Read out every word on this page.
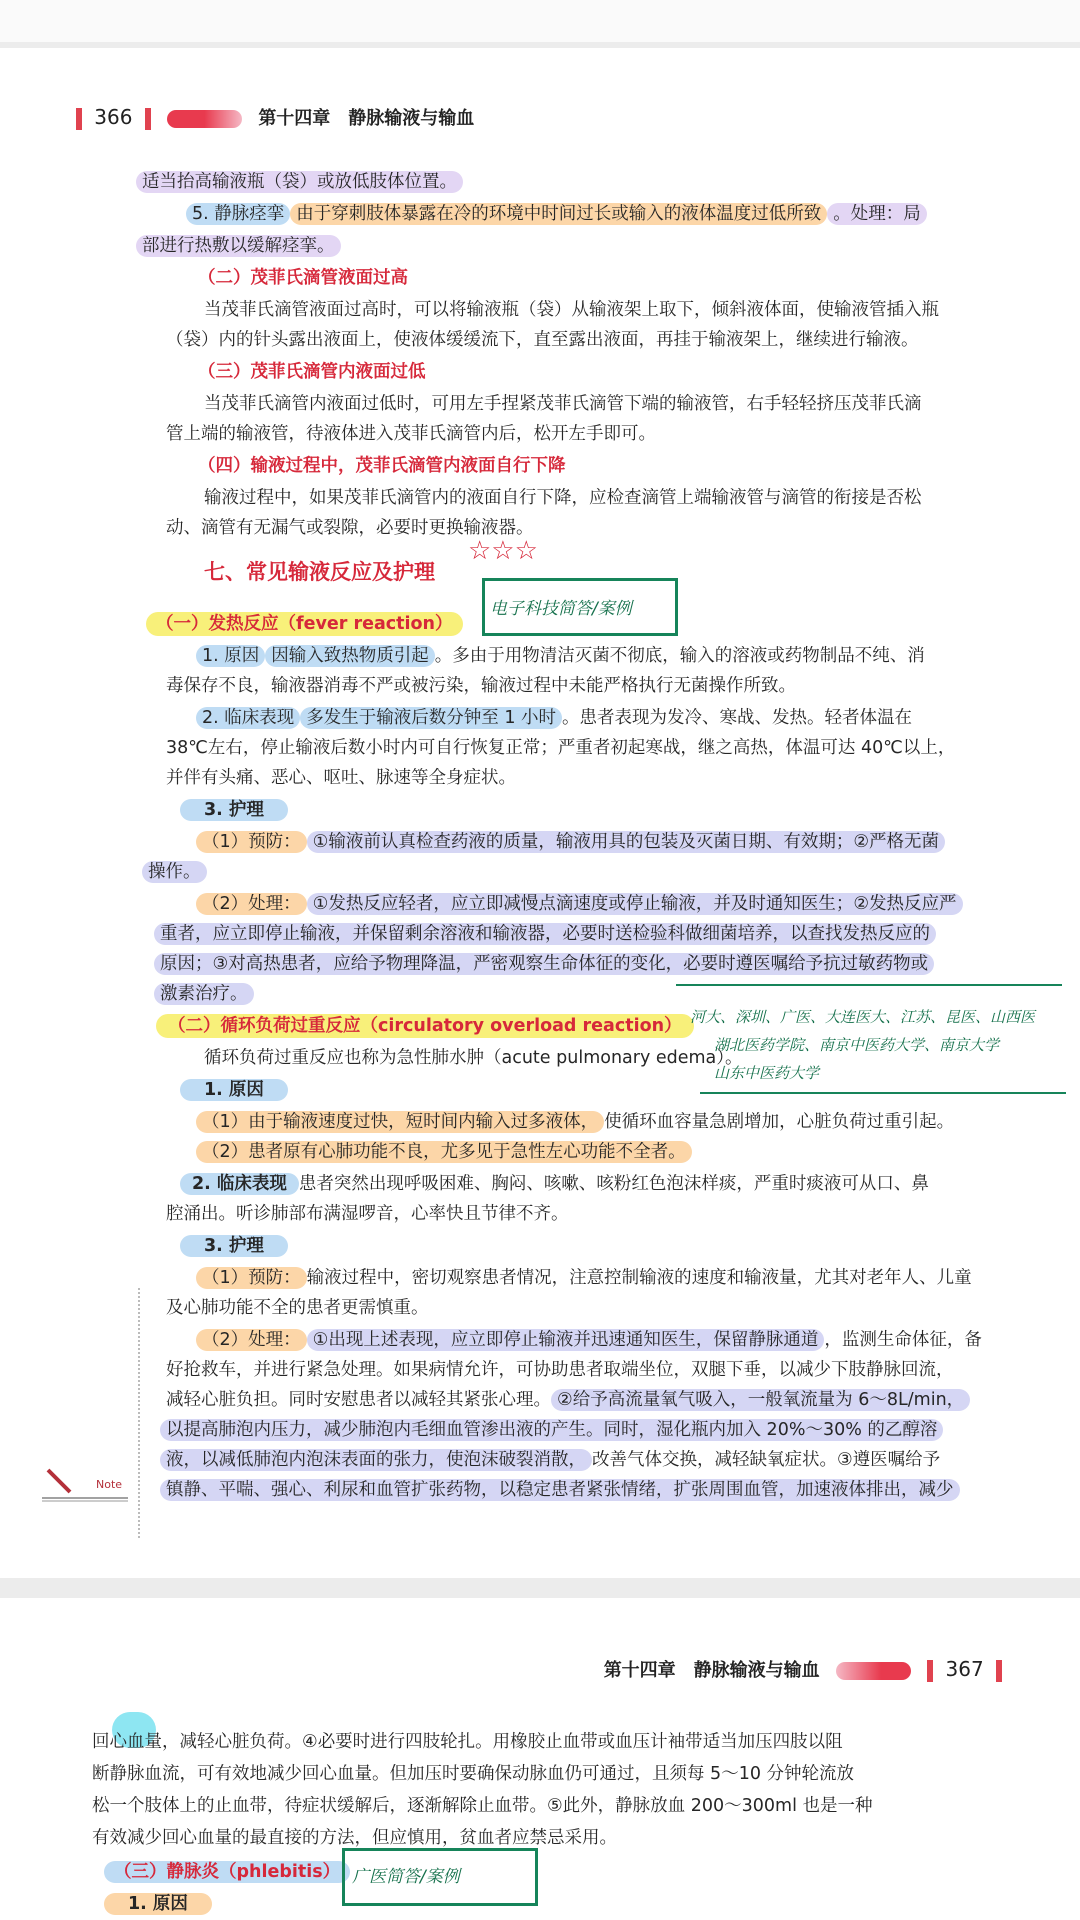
366	第十四章　静脉输液与输血
适当抬高输液瓶（袋）或放低肢体位置。
5. 静脉痉挛 由于穿刺肢体暴露在冷的环境中时间过长或输入的液体温度过低所致 。处理：局
部进行热敷以缓解痉挛。
（二）茂菲氏滴管液面过高
当茂菲氏滴管液面过高时，可以将输液瓶（袋）从输液架上取下，倾斜液体面，使输液管插入瓶
（袋）内的针头露出液面上，使液体缓缓流下，直至露出液面，再挂于输液架上，继续进行输液。
（三）茂菲氏滴管内液面过低
当茂菲氏滴管内液面过低时，可用左手捏紧茂菲氏滴管下端的输液管，右手轻轻挤压茂菲氏滴
管上端的输液管，待液体进入茂菲氏滴管内后，松开左手即可。
（四）输液过程中，茂菲氏滴管内液面自行下降
输液过程中，如果茂菲氏滴管内的液面自行下降，应检查滴管上端输液管与滴管的衔接是否松
动、滴管有无漏气或裂隙，必要时更换输液器。
七、常见输液反应及护理
☆☆☆
（一）发热反应（fever reaction）
电子科技简答/案例
1. 原因 因输入致热物质引起 。多由于用物清洁灭菌不彻底，输入的溶液或药物制品不纯、消
毒保存不良，输液器消毒不严或被污染，输液过程中未能严格执行无菌操作所致。
2. 临床表现 多发生于输液后数分钟至 1 小时 。患者表现为发冷、寒战、发热。轻者体温在
38℃左右，停止输液后数小时内可自行恢复正常；严重者初起寒战，继之高热，体温可达 40℃以上，
并伴有头痛、恶心、呕吐、脉速等全身症状。
3. 护理
（1）预防： ①输液前认真检查药液的质量，输液用具的包装及灭菌日期、有效期；②严格无菌
操作。
（2）处理： ①发热反应轻者，应立即减慢点滴速度或停止输液，并及时通知医生；②发热反应严
重者，应立即停止输液，并保留剩余溶液和输液器，必要时送检验科做细菌培养，以查找发热反应的
原因；③对高热患者，应给予物理降温，严密观察生命体征的变化，必要时遵医嘱给予抗过敏药物或
激素治疗。
（二）循环负荷过重反应（circulatory overload reaction） 河大、深圳、广医、大连医大、江苏、昆医、山西医
湖北医药学院、南京中医药大学、南京大学
循环负荷过重反应也称为急性肺水肿（acute pulmonary edema）。
山东中医药大学
1. 原因
（1）由于输液速度过快，短时间内输入过多液体， 使循环血容量急剧增加，心脏负荷过重引起。
（2）患者原有心肺功能不良，尤多见于急性左心功能不全者。
2. 临床表现 患者突然出现呼吸困难、胸闷、咳嗽、咳粉红色泡沫样痰，严重时痰液可从口、鼻
腔涌出。听诊肺部布满湿啰音，心率快且节律不齐。
3. 护理
（1）预防： 输液过程中，密切观察患者情况，注意控制输液的速度和输液量，尤其对老年人、儿童
及心肺功能不全的患者更需慎重。
（2）处理： ①出现上述表现，应立即停止输液并迅速通知医生，保留静脉通道 ，监测生命体征，备
好抢救车，并进行紧急处理。如果病情允许，可协助患者取端坐位，双腿下垂，以减少下肢静脉回流，
减轻心脏负担。同时安慰患者以减轻其紧张心理。 ②给予高流量氧气吸入，一般氧流量为 6～8L/min，
以提高肺泡内压力，减少肺泡内毛细血管渗出液的产生。同时，湿化瓶内加入 20%～30% 的乙醇溶
液，以减低肺泡内泡沫表面的张力，使泡沫破裂消散， 改善气体交换，减轻缺氧症状。③遵医嘱给予
镇静、平喘、强心、利尿和血管扩张药物，以稳定患者紧张情绪，扩张周围血管，加速液体排出，减少
Note
第十四章　静脉输液与输血	367
回心血量，减轻心脏负荷。④必要时进行四肢轮扎。用橡胶止血带或血压计袖带适当加压四肢以阻
断静脉血流，可有效地减少回心血量。但加压时要确保动脉血仍可通过，且须每 5～10 分钟轮流放
松一个肢体上的止血带，待症状缓解后，逐渐解除止血带。⑤此外，静脉放血 200～300ml 也是一种
有效减少回心血量的最直接的方法，但应慎用，贫血者应禁忌采用。
（三）静脉炎（phlebitis） 广医简答/案例
1. 原因
